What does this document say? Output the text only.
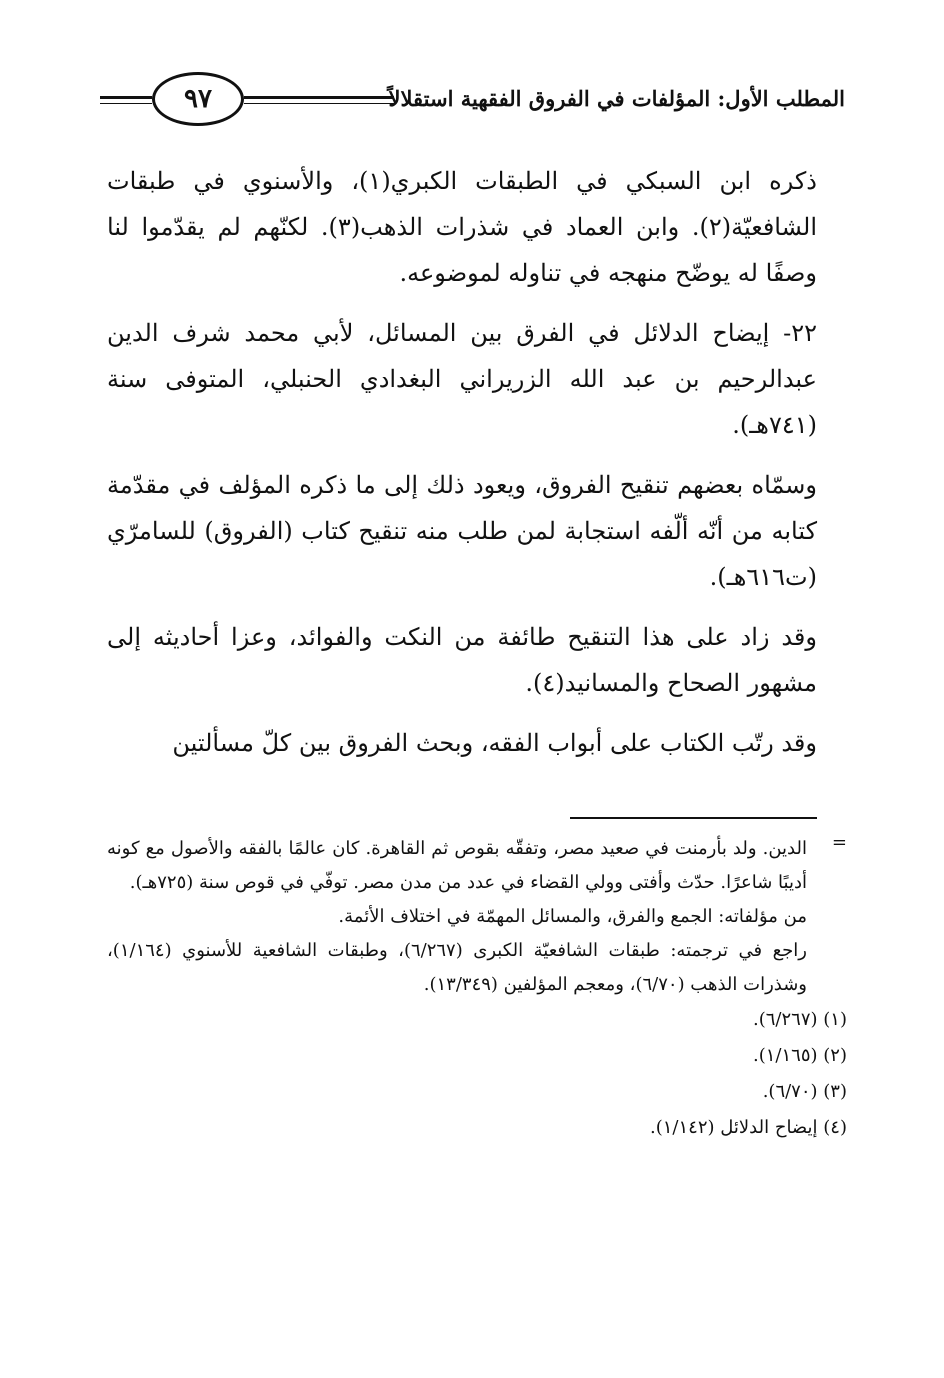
٩٧	المطلب الأول: المؤلفات في الفروق الفقهية استقلالاً

ذكره ابن السبكي في الطبقات الكبري(١)، والأسنوي في طبقات الشافعيّة(٢). وابن العماد في شذرات الذهب(٣). لكنّهم لم يقدّموا لنا وصفًا له يوضّح منهجه في تناوله لموضوعه.

٢٢- إيضاح الدلائل في الفرق بين المسائل، لأبي محمد شرف الدين عبدالرحيم بن عبد الله الزريراني البغدادي الحنبلي، المتوفى سنة (٧٤١هـ).

وسمّاه بعضهم تنقيح الفروق، ويعود ذلك إلى ما ذكره المؤلف في مقدّمة كتابه من أنّه ألّفه استجابة لمن طلب منه تنقيح كتاب (الفروق) للسامرّي (ت٦١٦هـ).

وقد زاد على هذا التنقيح طائفة من النكت والفوائد، وعزا أحاديثه إلى مشهور الصحاح والمسانيد(٤).

وقد رتّب الكتاب على أبواب الفقه، وبحث الفروق بين كلّ مسألتين

=

الدين. ولد بأرمنت في صعيد مصر، وتفقّه بقوص ثم القاهرة. كان عالمًا بالفقه والأصول مع كونه أديبًا شاعرًا. حدّث وأفتى وولي القضاء في عدد من مدن مصر. توفّي في قوص سنة (٧٢٥هـ).

من مؤلفاته: الجمع والفرق، والمسائل المهمّة في اختلاف الأئمة.

راجع في ترجمته: طبقات الشافعيّة الكبرى (٦/٢٦٧)، وطبقات الشافعية للأسنوي (١/١٦٤)، وشذرات الذهب (٦/٧٠)، ومعجم المؤلفين (١٣/٣٤٩).

(١) (٦/٢٦٧).

(٢) (١/١٦٥).

(٣) (٦/٧٠).

(٤) إيضاح الدلائل (١/١٤٢).
